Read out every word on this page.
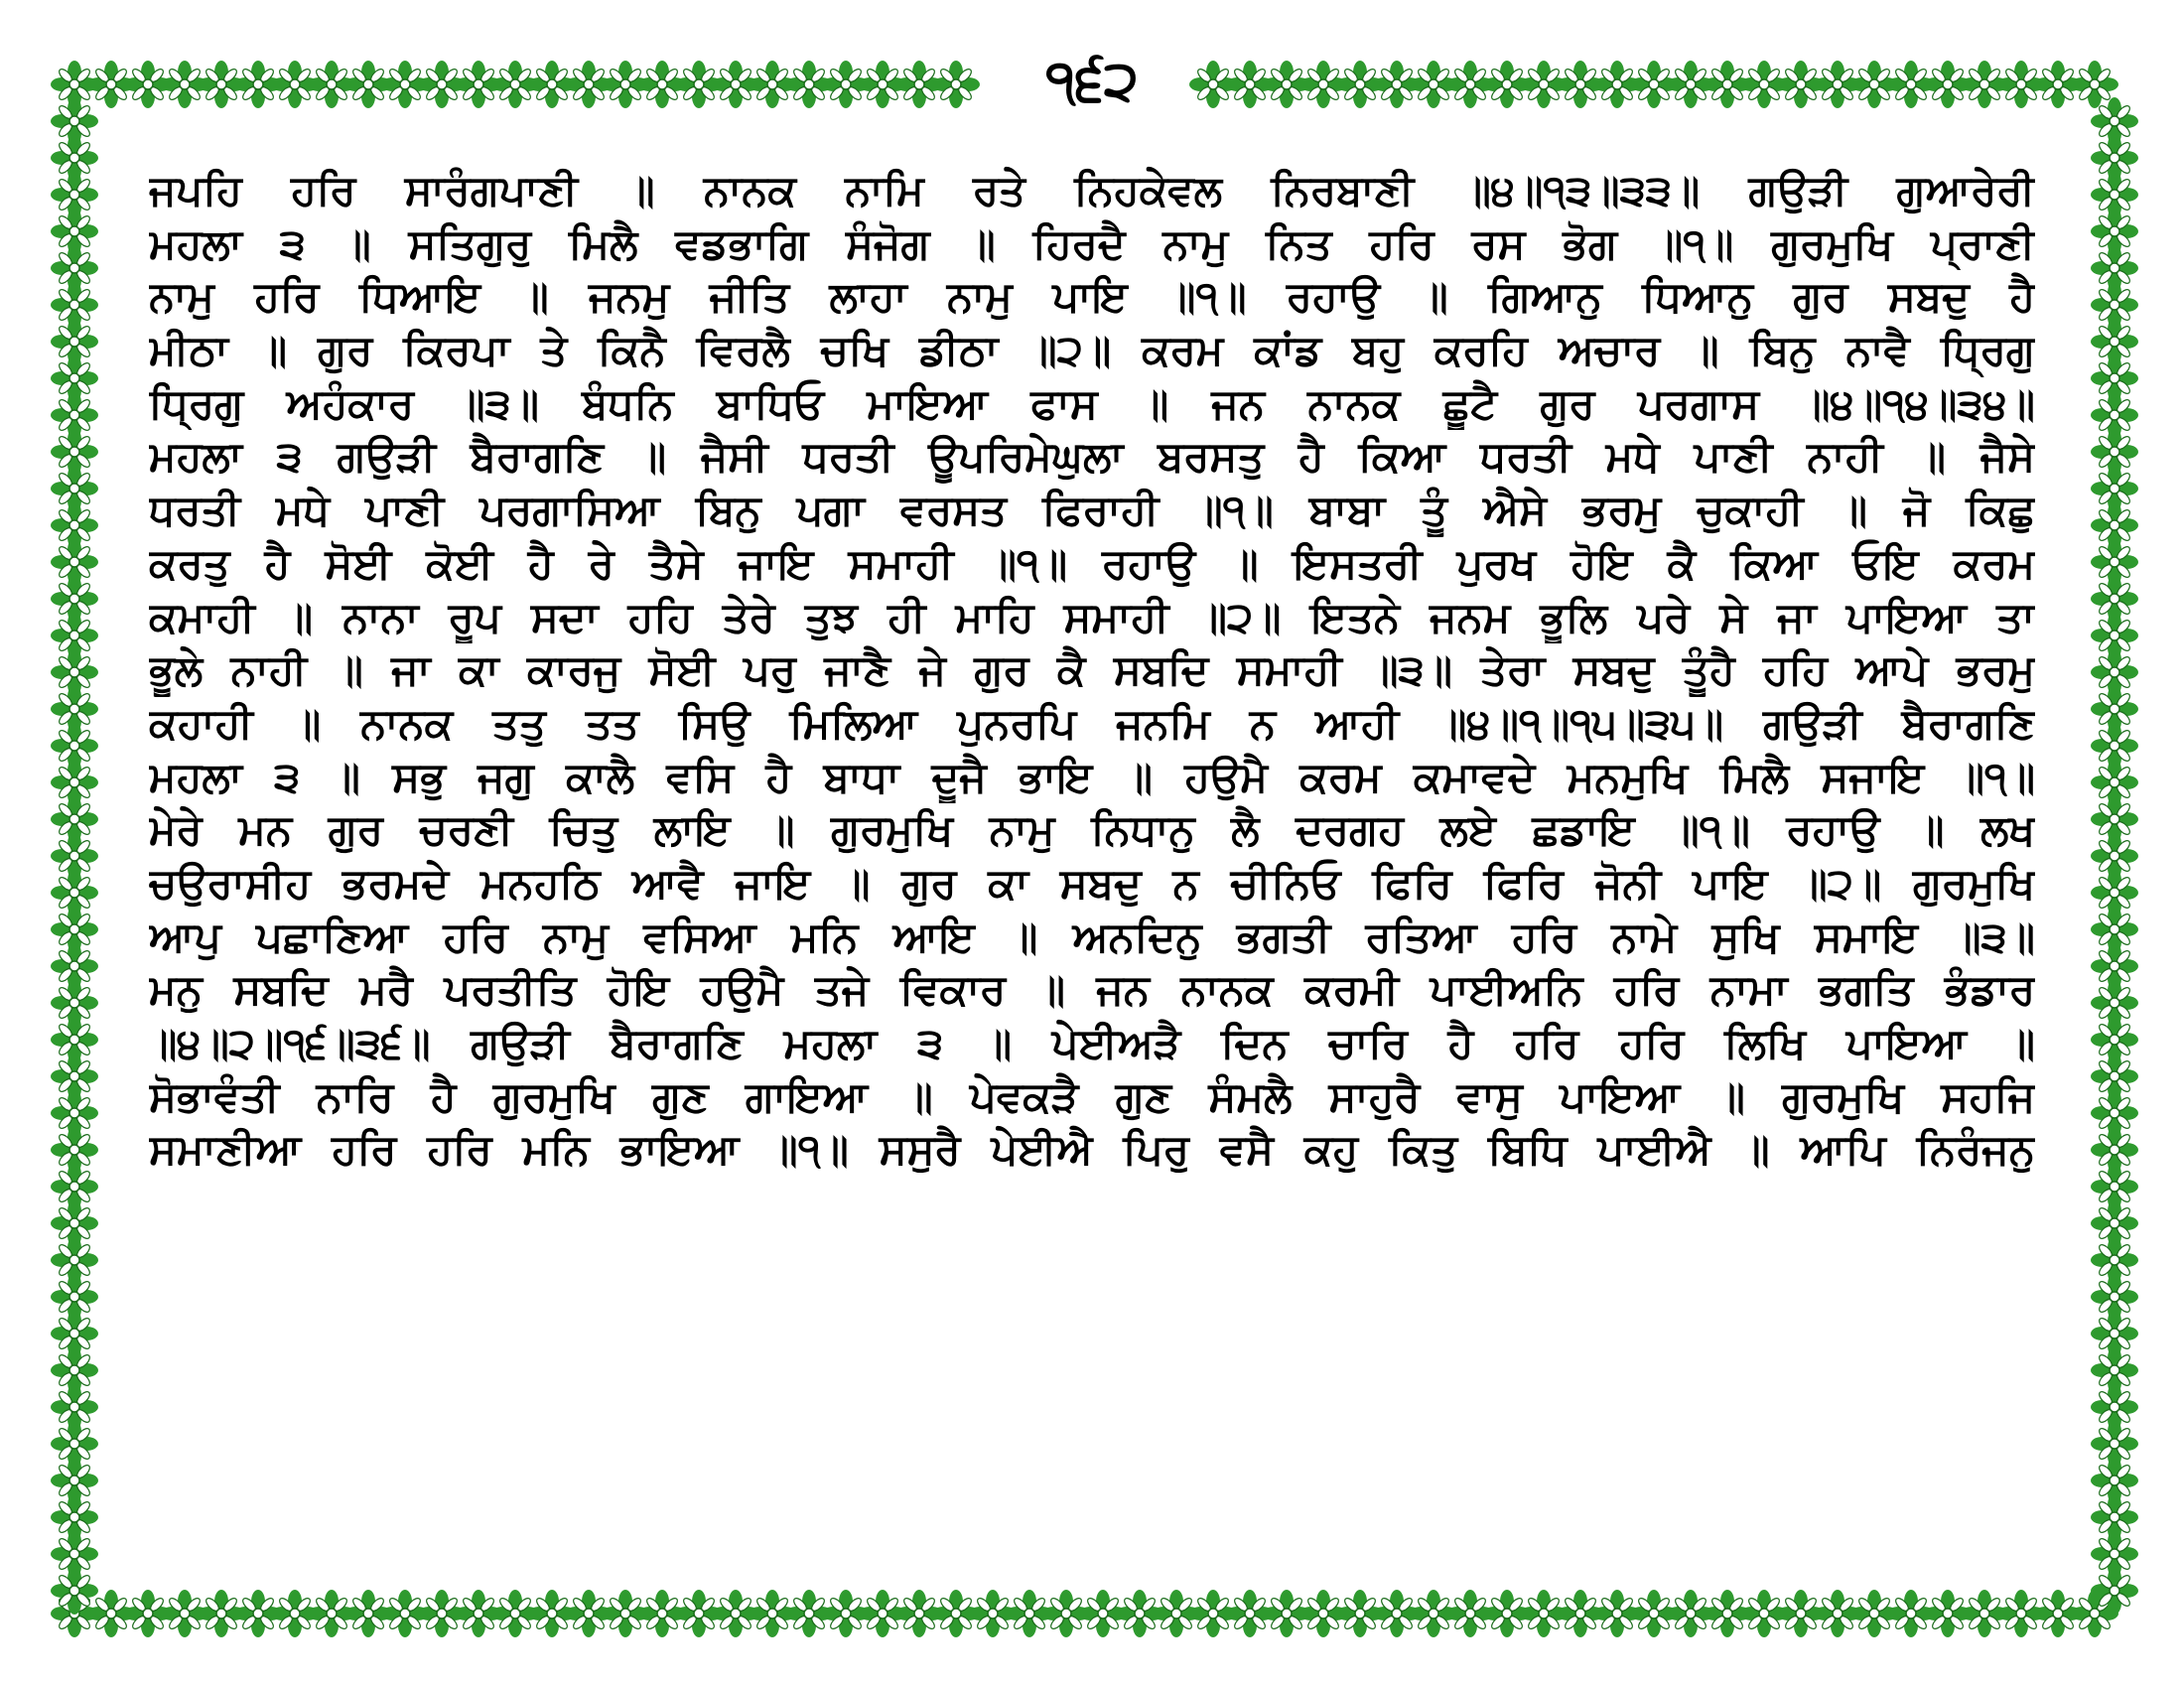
੧੬੨
ਜਪਹਿ ਹਰਿ ਸਾਰੰਗਪਾਣੀ ॥ ਨਾਨਕ ਨਾਮਿ ਰਤੇ ਨਿਹਕੇਵਲ ਨਿਰਬਾਣੀ ॥੪॥੧੩॥੩੩॥ ਗਉੜੀ ਗੁਆਰੇਰੀ
ਮਹਲਾ ੩ ॥ ਸਤਿਗੁਰੁ ਮਿਲੈ ਵਡਭਾਗਿ ਸੰਜੋਗ ॥ ਹਿਰਦੈ ਨਾਮੁ ਨਿਤ ਹਰਿ ਰਸ ਭੋਗ ॥੧॥ ਗੁਰਮੁਖਿ ਪ੍ਰਾਣੀ
ਨਾਮੁ ਹਰਿ ਧਿਆਇ ॥ ਜਨਮੁ ਜੀਤਿ ਲਾਹਾ ਨਾਮੁ ਪਾਇ ॥੧॥ ਰਹਾਉ ॥ ਗਿਆਨੁ ਧਿਆਨੁ ਗੁਰ ਸਬਦੁ ਹੈ
ਮੀਠਾ ॥ ਗੁਰ ਕਿਰਪਾ ਤੇ ਕਿਨੈ ਵਿਰਲੈ ਚਖਿ ਡੀਠਾ ॥੨॥ ਕਰਮ ਕਾਂਡ ਬਹੁ ਕਰਹਿ ਅਚਾਰ ॥ ਬਿਨੁ ਨਾਵੈ ਧ੍ਰਿਗੁ
ਧ੍ਰਿਗੁ ਅਹੰਕਾਰ ॥੩॥ ਬੰਧਨਿ ਬਾਧਿਓ ਮਾਇਆ ਫਾਸ ॥ ਜਨ ਨਾਨਕ ਛੂਟੈ ਗੁਰ ਪਰਗਾਸ ॥੪॥੧੪॥੩੪॥
ਮਹਲਾ ੩ ਗਉੜੀ ਬੈਰਾਗਣਿ ॥ ਜੈਸੀ ਧਰਤੀ ਊਪਰਿਮੇਘੁਲਾ ਬਰਸਤੁ ਹੈ ਕਿਆ ਧਰਤੀ ਮਧੇ ਪਾਣੀ ਨਾਹੀ ॥ ਜੈਸੇ
ਧਰਤੀ ਮਧੇ ਪਾਣੀ ਪਰਗਾਸਿਆ ਬਿਨੁ ਪਗਾ ਵਰਸਤ ਫਿਰਾਹੀ ॥੧॥ ਬਾਬਾ ਤੂੰ ਐਸੇ ਭਰਮੁ ਚੁਕਾਹੀ ॥ ਜੋ ਕਿਛੁ
ਕਰਤੁ ਹੈ ਸੋਈ ਕੋਈ ਹੈ ਰੇ ਤੈਸੇ ਜਾਇ ਸਮਾਹੀ ॥੧॥ ਰਹਾਉ ॥ ਇਸਤਰੀ ਪੁਰਖ ਹੋਇ ਕੈ ਕਿਆ ਓਇ ਕਰਮ
ਕਮਾਹੀ ॥ ਨਾਨਾ ਰੂਪ ਸਦਾ ਹਹਿ ਤੇਰੇ ਤੁਝ ਹੀ ਮਾਹਿ ਸਮਾਹੀ ॥੨॥ ਇਤਨੇ ਜਨਮ ਭੂਲਿ ਪਰੇ ਸੇ ਜਾ ਪਾਇਆ ਤਾ
ਭੂਲੇ ਨਾਹੀ ॥ ਜਾ ਕਾ ਕਾਰਜੁ ਸੋਈ ਪਰੁ ਜਾਣੈ ਜੇ ਗੁਰ ਕੈ ਸਬਦਿ ਸਮਾਹੀ ॥੩॥ ਤੇਰਾ ਸਬਦੁ ਤੂੰਹੈ ਹਹਿ ਆਪੇ ਭਰਮੁ
ਕਹਾਹੀ ॥ ਨਾਨਕ ਤਤੁ ਤਤ ਸਿਉ ਮਿਲਿਆ ਪੁਨਰਪਿ ਜਨਮਿ ਨ ਆਹੀ ॥੪॥੧॥੧੫॥੩੫॥ ਗਉੜੀ ਬੈਰਾਗਣਿ
ਮਹਲਾ ੩ ॥ ਸਭੁ ਜਗੁ ਕਾਲੈ ਵਸਿ ਹੈ ਬਾਧਾ ਦੂਜੈ ਭਾਇ ॥ ਹਉਮੈ ਕਰਮ ਕਮਾਵਦੇ ਮਨਮੁਖਿ ਮਿਲੈ ਸਜਾਇ ॥੧॥
ਮੇਰੇ ਮਨ ਗੁਰ ਚਰਣੀ ਚਿਤੁ ਲਾਇ ॥ ਗੁਰਮੁਖਿ ਨਾਮੁ ਨਿਧਾਨੁ ਲੈ ਦਰਗਹ ਲਏ ਛਡਾਇ ॥੧॥ ਰਹਾਉ ॥ ਲਖ
ਚਉਰਾਸੀਹ ਭਰਮਦੇ ਮਨਹਠਿ ਆਵੈ ਜਾਇ ॥ ਗੁਰ ਕਾ ਸਬਦੁ ਨ ਚੀਨਿਓ ਫਿਰਿ ਫਿਰਿ ਜੋਨੀ ਪਾਇ ॥੨॥ ਗੁਰਮੁਖਿ
ਆਪੁ ਪਛਾਣਿਆ ਹਰਿ ਨਾਮੁ ਵਸਿਆ ਮਨਿ ਆਇ ॥ ਅਨਦਿਨੁ ਭਗਤੀ ਰਤਿਆ ਹਰਿ ਨਾਮੇ ਸੁਖਿ ਸਮਾਇ ॥੩॥
ਮਨੁ ਸਬਦਿ ਮਰੈ ਪਰਤੀਤਿ ਹੋਇ ਹਉਮੈ ਤਜੇ ਵਿਕਾਰ ॥ ਜਨ ਨਾਨਕ ਕਰਮੀ ਪਾਈਅਨਿ ਹਰਿ ਨਾਮਾ ਭਗਤਿ ਭੰਡਾਰ
॥੪॥੨॥੧੬॥੩੬॥ ਗਉੜੀ ਬੈਰਾਗਣਿ ਮਹਲਾ ੩ ॥ ਪੇਈਅੜੈ ਦਿਨ ਚਾਰਿ ਹੈ ਹਰਿ ਹਰਿ ਲਿਖਿ ਪਾਇਆ ॥
ਸੋਭਾਵੰਤੀ ਨਾਰਿ ਹੈ ਗੁਰਮੁਖਿ ਗੁਣ ਗਾਇਆ ॥ ਪੇਵਕੜੈ ਗੁਣ ਸੰਮਲੈ ਸਾਹੁਰੈ ਵਾਸੁ ਪਾਇਆ ॥ ਗੁਰਮੁਖਿ ਸਹਜਿ
ਸਮਾਣੀਆ ਹਰਿ ਹਰਿ ਮਨਿ ਭਾਇਆ ॥੧॥ ਸਸੁਰੈ ਪੇਈਐ ਪਿਰੁ ਵਸੈ ਕਹੁ ਕਿਤੁ ਬਿਧਿ ਪਾਈਐ ॥ ਆਪਿ ਨਿਰੰਜਨੁ
